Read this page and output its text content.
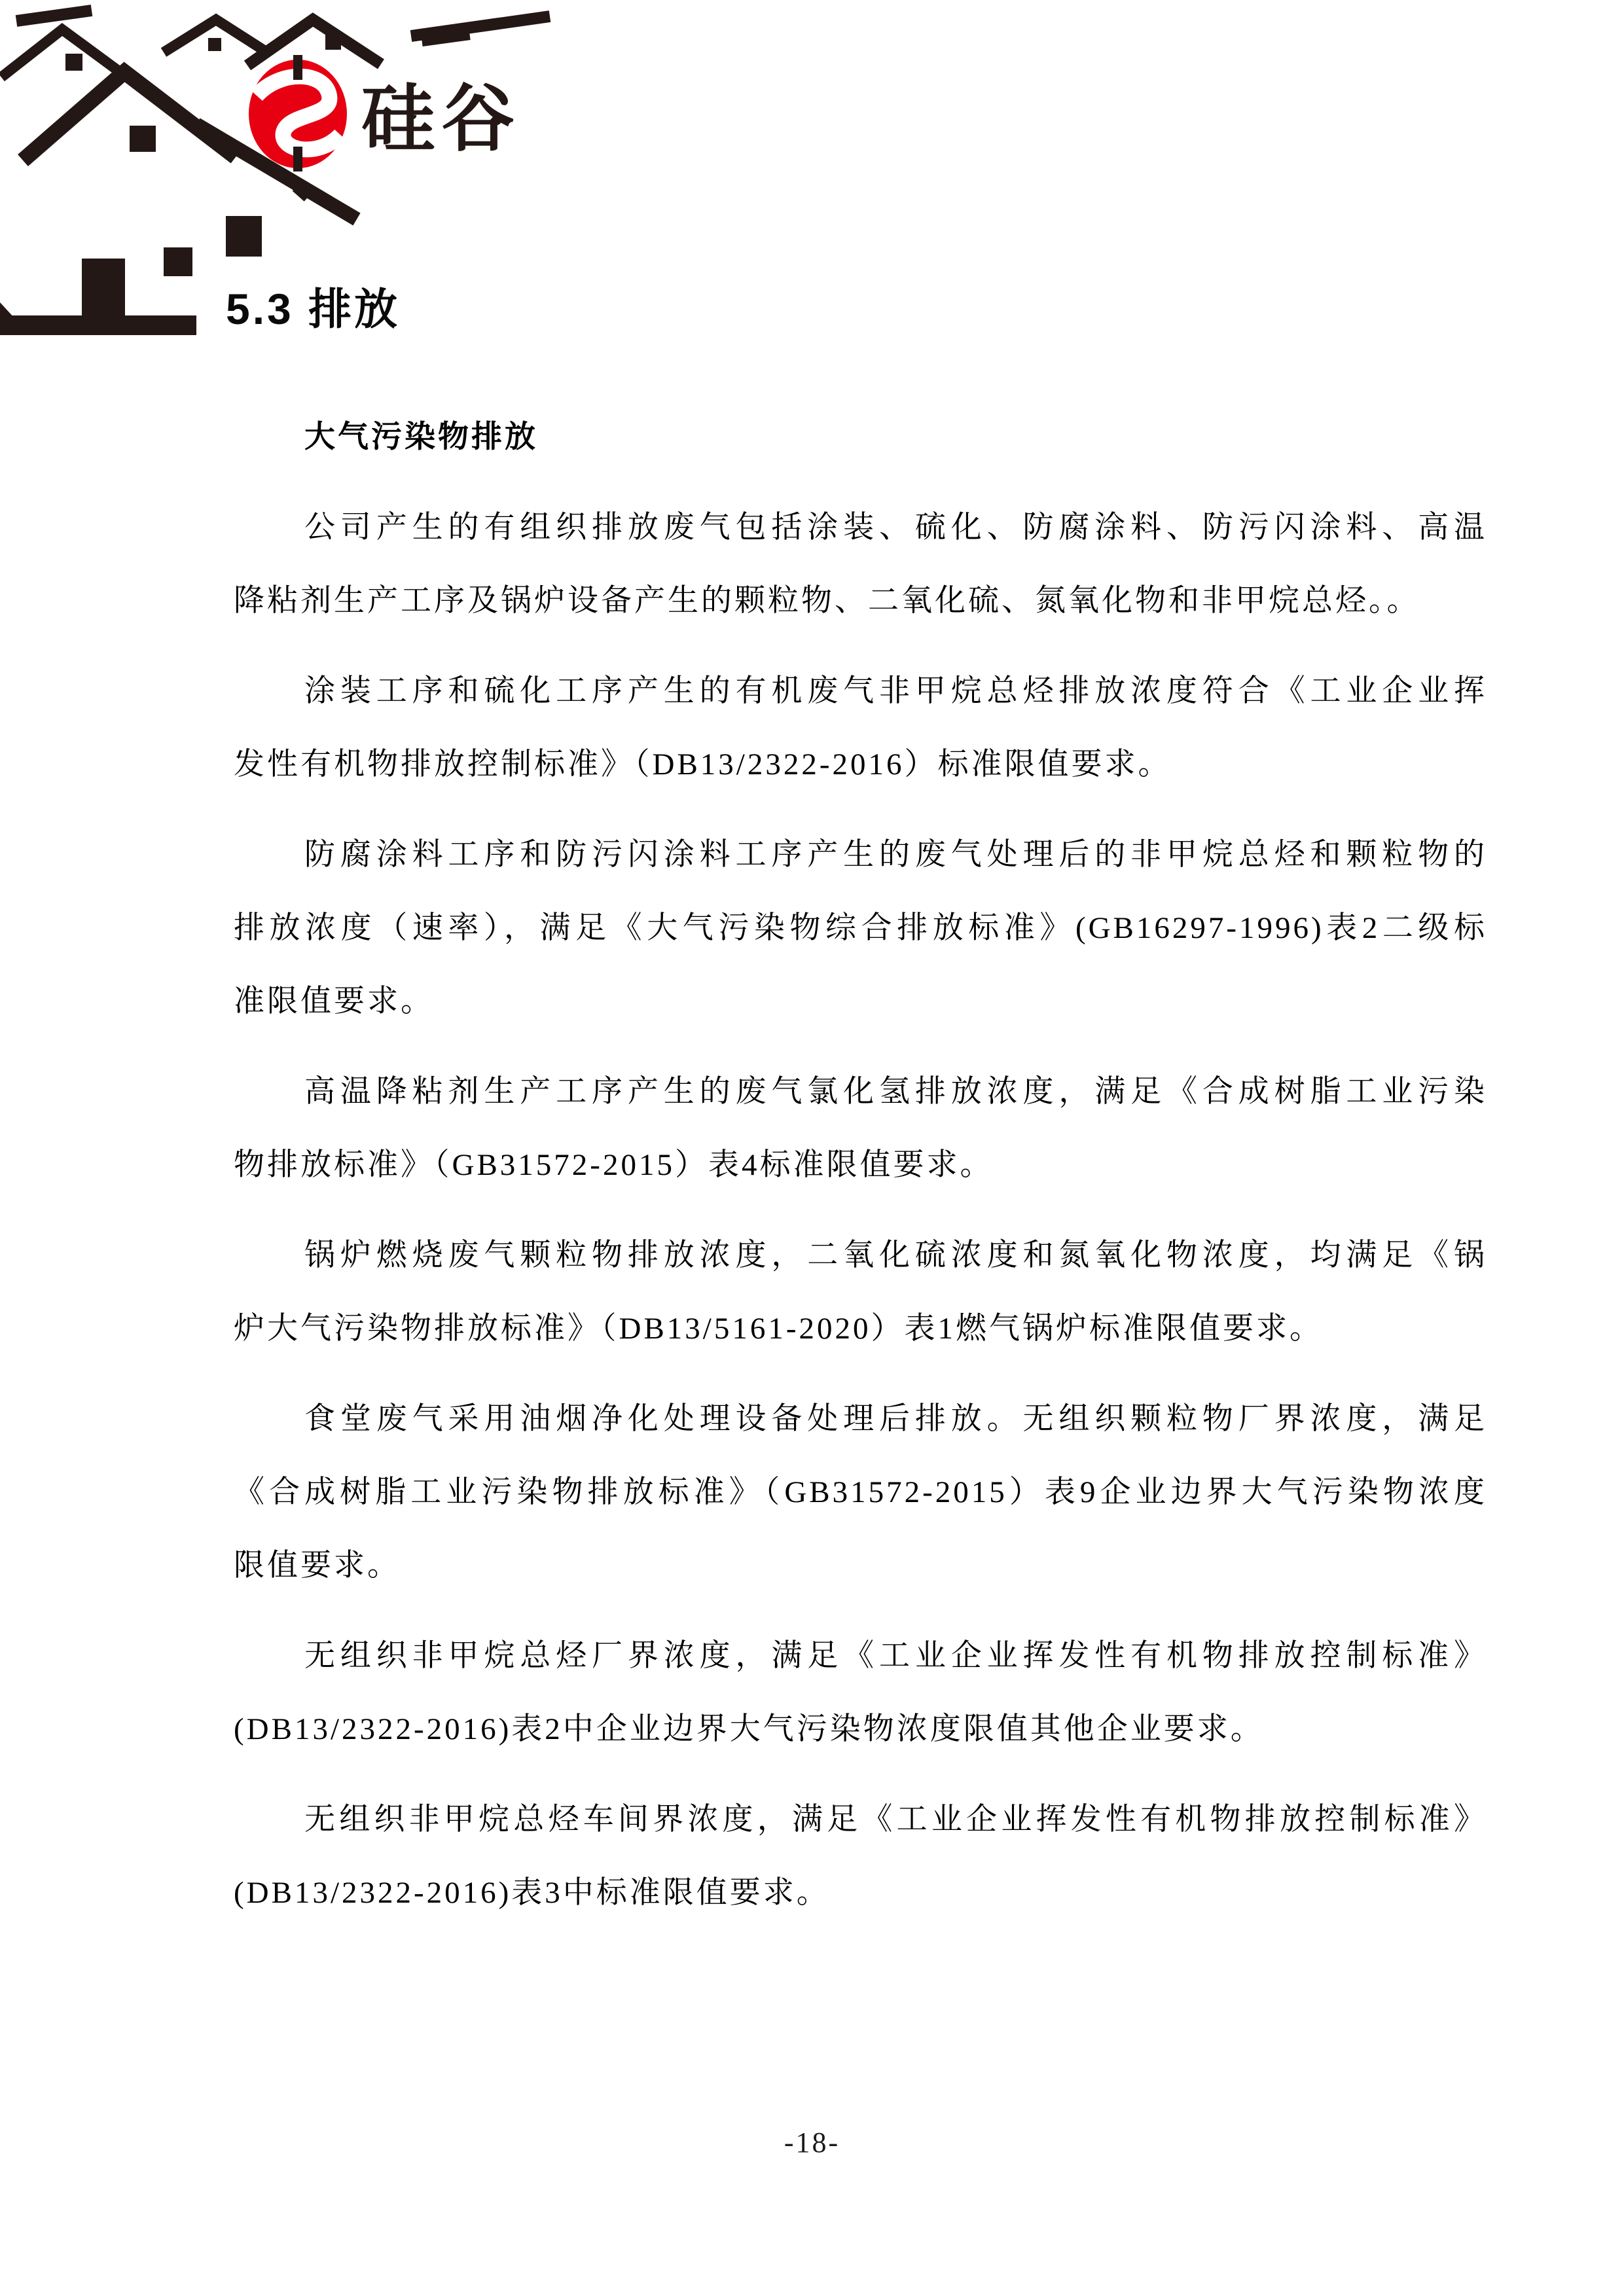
硅谷
5.3 排放
大气污染物排放
公司产生的有组织排放废气包括涂装、硫化、防腐涂料、防污闪涂料、高温
降粘剂生产工序及锅炉设备产生的颗粒物、二氧化硫、氮氧化物和非甲烷总烃。。
涂装工序和硫化工序产生的有机废气非甲烷总烃排放浓度符合《工业企业挥
发性有机物排放控制标准》（DB13/2322-2016）标准限值要求。
防腐涂料工序和防污闪涂料工序产生的废气处理后的非甲烷总烃和颗粒物的
排放浓度（速率），满足《大气污染物综合排放标准》(GB16297-1996)表2二级标
准限值要求。
高温降粘剂生产工序产生的废气氯化氢排放浓度，满足《合成树脂工业污染
物排放标准》（GB31572-2015）表4标准限值要求。
锅炉燃烧废气颗粒物排放浓度，二氧化硫浓度和氮氧化物浓度，均满足《锅
炉大气污染物排放标准》（DB13/5161-2020）表1燃气锅炉标准限值要求。
食堂废气采用油烟净化处理设备处理后排放。无组织颗粒物厂界浓度，满足
《合成树脂工业污染物排放标准》（GB31572-2015）表9企业边界大气污染物浓度
限值要求。
无组织非甲烷总烃厂界浓度，满足《工业企业挥发性有机物排放控制标准》
(DB13/2322-2016)表2中企业边界大气污染物浓度限值其他企业要求。
无组织非甲烷总烃车间界浓度，满足《工业企业挥发性有机物排放控制标准》
(DB13/2322-2016)表3中标准限值要求。
-18-
